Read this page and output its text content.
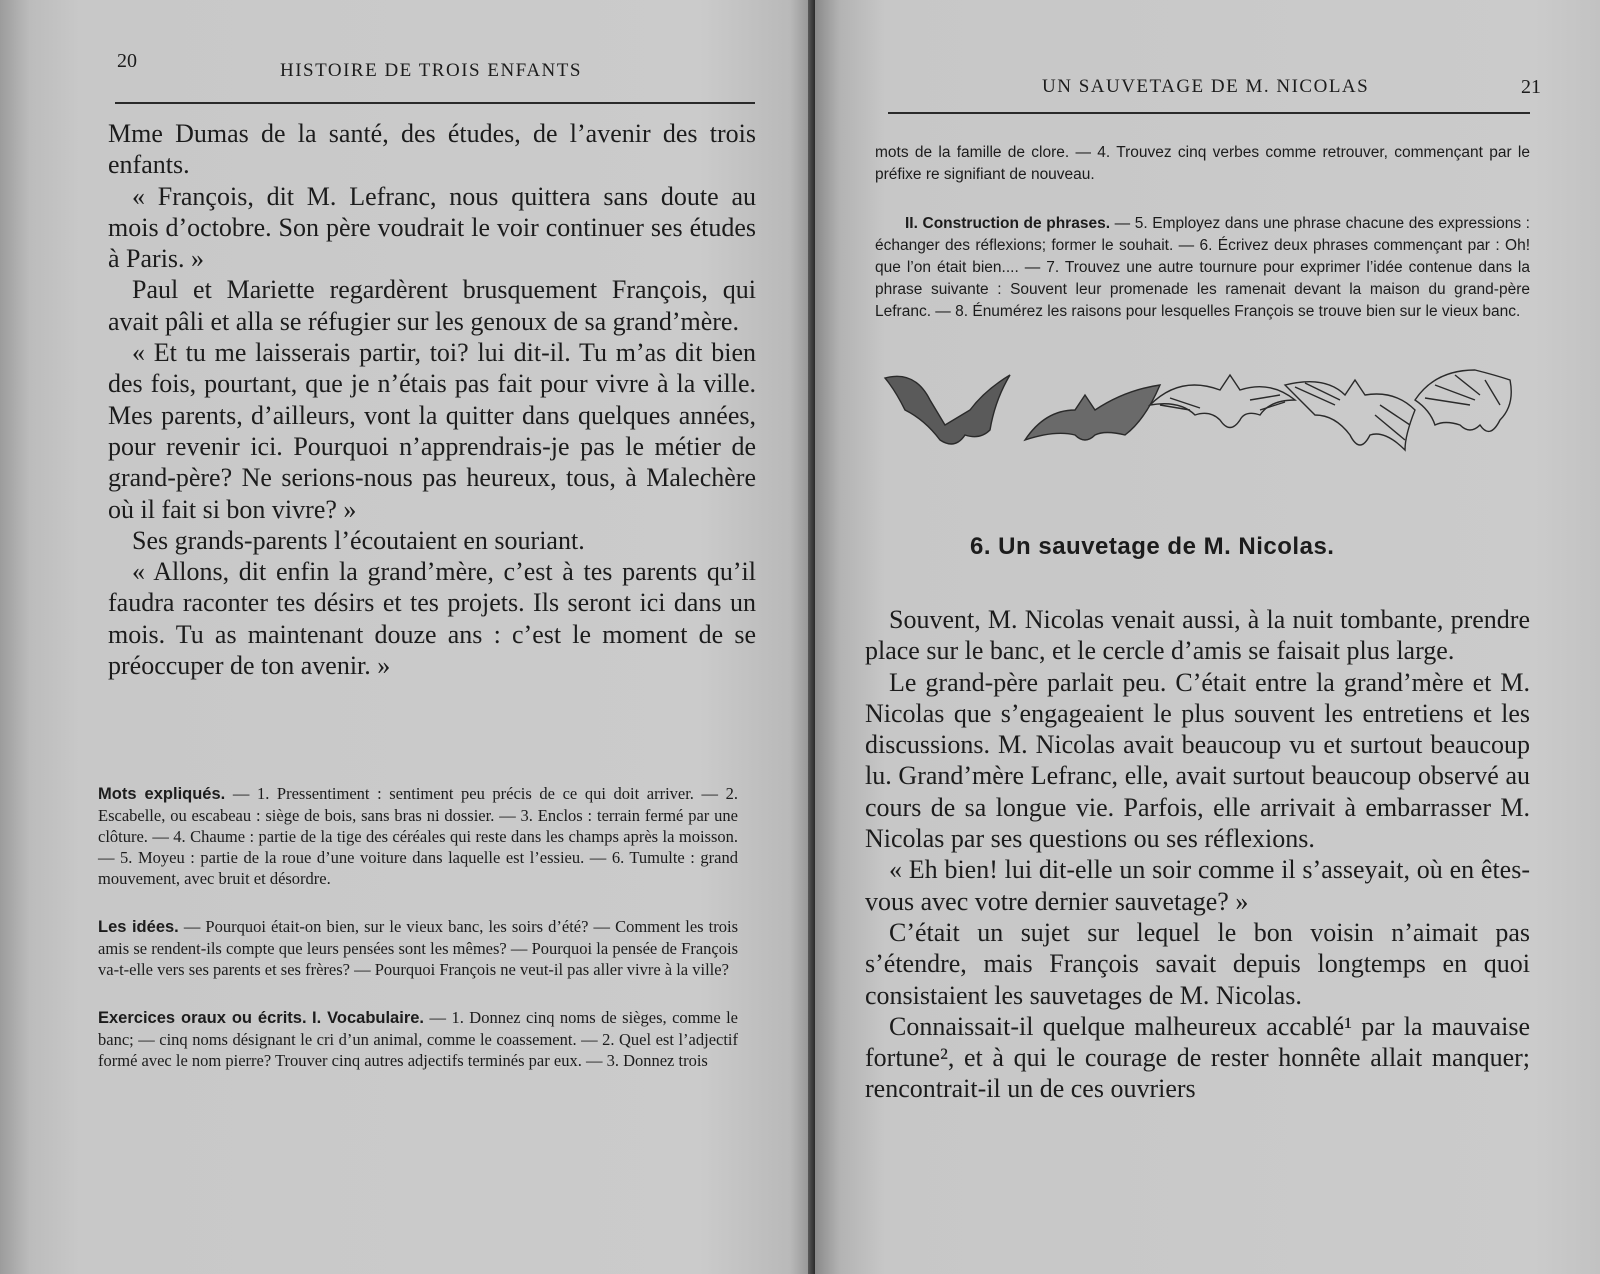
20	HISTOIRE DE TROIS ENFANTS

Mme Dumas de la santé, des études, de l’avenir des trois enfants.

« François, dit M. Lefranc, nous quittera sans doute au mois d’octobre. Son père voudrait le voir continuer ses études à Paris. »

Paul et Mariette regardèrent brusquement François, qui avait pâli et alla se réfugier sur les genoux de sa grand’mère.

« Et tu me laisserais partir, toi? lui dit-il. Tu m’as dit bien des fois, pourtant, que je n’étais pas fait pour vivre à la ville. Mes parents, d’ailleurs, vont la quitter dans quelques années, pour revenir ici. Pourquoi n’apprendrais-je pas le métier de grand-père? Ne serions-nous pas heureux, tous, à Malechère où il fait si bon vivre? »

Ses grands-parents l’écoutaient en souriant.

« Allons, dit enfin la grand’mère, c’est à tes parents qu’il faudra raconter tes désirs et tes projets. Ils seront ici dans un mois. Tu as maintenant douze ans : c’est le moment de se préoccuper de ton avenir. »

Mots expliqués. — 1. Pressentiment : sentiment peu précis de ce qui doit arriver. — 2. Escabelle, ou escabeau : siège de bois, sans bras ni dossier. — 3. Enclos : terrain fermé par une clôture. — 4. Chaume : partie de la tige des céréales qui reste dans les champs après la moisson. — 5. Moyeu : partie de la roue d’une voiture dans laquelle est l’essieu. — 6. Tumulte : grand mouvement, avec bruit et désordre.

Les idées. — Pourquoi était-on bien, sur le vieux banc, les soirs d’été? — Comment les trois amis se rendent-ils compte que leurs pensées sont les mêmes? — Pourquoi la pensée de François va-t-elle vers ses parents et ses frères? — Pourquoi François ne veut-il pas aller vivre à la ville?

Exercices oraux ou écrits. I. Vocabulaire. — 1. Donnez cinq noms de sièges, comme le banc; — cinq noms désignant le cri d’un animal, comme le coassement. — 2. Quel est l’adjectif formé avec le nom pierre? Trouver cinq autres adjectifs terminés par eux. — 3. Donnez trois

UN SAUVETAGE DE M. NICOLAS	21

mots de la famille de clore. — 4. Trouvez cinq verbes comme retrouver, commençant par le préfixe re signifiant de nouveau.

II. Construction de phrases. — 5. Employez dans une phrase chacune des expressions : échanger des réflexions; former le souhait. — 6. Écrivez deux phrases commençant par : Oh! que l’on était bien.... — 7. Trouvez une autre tournure pour exprimer l’idée contenue dans la phrase suivante : Souvent leur promenade les ramenait devant la maison du grand-père Lefranc. — 8. Énumérez les raisons pour lesquelles François se trouve bien sur le vieux banc.

6. Un sauvetage de M. Nicolas.

Souvent, M. Nicolas venait aussi, à la nuit tombante, prendre place sur le banc, et le cercle d’amis se faisait plus large.

Le grand-père parlait peu. C’était entre la grand’mère et M. Nicolas que s’engageaient le plus souvent les entretiens et les discussions. M. Nicolas avait beaucoup vu et surtout beaucoup lu. Grand’mère Lefranc, elle, avait surtout beaucoup observé au cours de sa longue vie. Parfois, elle arrivait à embarrasser M. Nicolas par ses questions ou ses réflexions.

« Eh bien! lui dit-elle un soir comme il s’asseyait, où en êtes-vous avec votre dernier sauvetage? »

C’était un sujet sur lequel le bon voisin n’aimait pas s’étendre, mais François savait depuis longtemps en quoi consistaient les sauvetages de M. Nicolas.

Connaissait-il quelque malheureux accablé¹ par la mauvaise fortune², et à qui le courage de rester honnête allait manquer; rencontrait-il un de ces ouvriers
